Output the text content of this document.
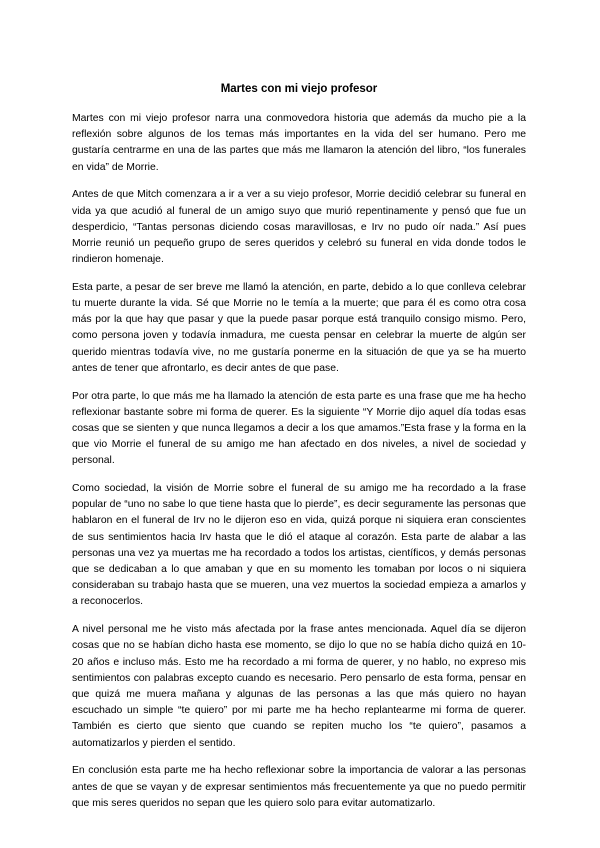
Martes con mi viejo profesor

Martes con mi viejo profesor narra una conmovedora historia que además da mucho pie a la reflexión sobre algunos de los temas más importantes en la vida del ser humano. Pero me gustaría centrarme en una de las partes que más me llamaron la atención del libro, “los funerales en vida” de Morrie.

Antes de que Mitch comenzara a ir a ver a su viejo profesor, Morrie decidió celebrar su funeral en vida ya que acudió al funeral de un amigo suyo que murió repentinamente y pensó que fue un desperdicio, “Tantas personas diciendo cosas maravillosas, e Irv no pudo oír nada.” Así pues Morrie reunió un pequeño grupo de seres queridos y celebró su funeral en vida donde todos le rindieron homenaje.

Esta parte, a pesar de ser breve me llamó la atención, en parte, debido a lo que conlleva celebrar tu muerte durante la vida. Sé que Morrie no le temía a la muerte; que para él es como otra cosa más por la que hay que pasar y que la puede pasar porque está tranquilo consigo mismo. Pero, como persona joven y todavía inmadura, me cuesta pensar en celebrar la muerte de algún ser querido mientras todavía vive, no me gustaría ponerme en la situación de que ya se ha muerto antes de tener que afrontarlo, es decir antes de que pase.

Por otra parte, lo que más me ha llamado la atención de esta parte es una frase que me ha hecho reflexionar bastante sobre mi forma de querer. Es la siguiente “Y Morrie dijo aquel día todas esas cosas que se sienten y que nunca llegamos a decir a los que amamos.”Esta frase y la forma en la que vio Morrie el funeral de su amigo me han afectado en dos niveles, a nivel de sociedad y personal.

Como sociedad, la visión de Morrie sobre el funeral de su amigo me ha recordado a la frase popular de “uno no sabe lo que tiene hasta que lo pierde”, es decir seguramente las personas que hablaron en el funeral de Irv no le dijeron eso en vida, quizá porque ni siquiera eran conscientes de sus sentimientos hacia Irv hasta que le dió el ataque al corazón. Esta parte de alabar a las personas una vez ya muertas me ha recordado a todos los artistas, científicos, y demás personas que se dedicaban a lo que amaban y que en su momento les tomaban por locos o ni siquiera consideraban su trabajo hasta que se mueren, una vez muertos la sociedad empieza a amarlos y a reconocerlos.

A nivel personal me he visto más afectada por la frase antes mencionada. Aquel día se dijeron cosas que no se habían dicho hasta ese momento, se dijo lo que no se había dicho quizá en 10-20 años e incluso más. Esto me ha recordado a mi forma de querer, y no hablo, no expreso mis sentimientos con palabras excepto cuando es necesario. Pero pensarlo de esta forma, pensar en que quizá me muera mañana y algunas de las personas a las que más quiero no hayan escuchado un simple “te quiero” por mi parte me ha hecho replantearme mi forma de querer. También es cierto que siento que cuando se repiten mucho los “te quiero”, pasamos a automatizarlos y pierden el sentido.

En conclusión esta parte me ha hecho reflexionar sobre la importancia de valorar a las personas antes de que se vayan y de expresar sentimientos más frecuentemente ya que no puedo permitir que mis seres queridos no sepan que les quiero solo para evitar automatizarlo.
